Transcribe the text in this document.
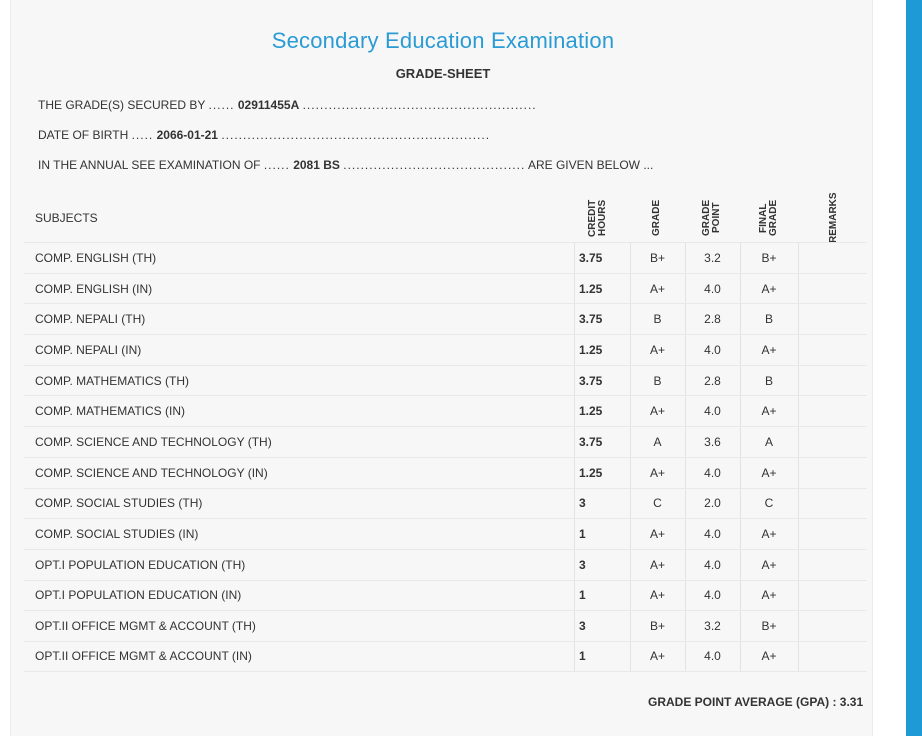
Secondary Education Examination
GRADE-SHEET
THE GRADE(S) SECURED BY ...... 02911455A ......................................................
DATE OF BIRTH ..... 2066-01-21 ..............................................................
IN THE ANNUAL SEE EXAMINATION OF ...... 2081 BS .......................................... ARE GIVEN BELOW ...
SUBJECTS	CREDIT HOURS	GRADE	GRADE POINT	FINAL GRADE	REMARKS
COMP. ENGLISH (TH)	3.75	B+	3.2	B+
COMP. ENGLISH (IN)	1.25	A+	4.0	A+
COMP. NEPALI (TH)	3.75	B	2.8	B
COMP. NEPALI (IN)	1.25	A+	4.0	A+
COMP. MATHEMATICS (TH)	3.75	B	2.8	B
COMP. MATHEMATICS (IN)	1.25	A+	4.0	A+
COMP. SCIENCE AND TECHNOLOGY (TH)	3.75	A	3.6	A
COMP. SCIENCE AND TECHNOLOGY (IN)	1.25	A+	4.0	A+
COMP. SOCIAL STUDIES (TH)	3	C	2.0	C
COMP. SOCIAL STUDIES (IN)	1	A+	4.0	A+
OPT.I POPULATION EDUCATION (TH)	3	A+	4.0	A+
OPT.I POPULATION EDUCATION (IN)	1	A+	4.0	A+
OPT.II OFFICE MGMT & ACCOUNT (TH)	3	B+	3.2	B+
OPT.II OFFICE MGMT & ACCOUNT (IN)	1	A+	4.0	A+
GRADE POINT AVERAGE (GPA) : 3.31
